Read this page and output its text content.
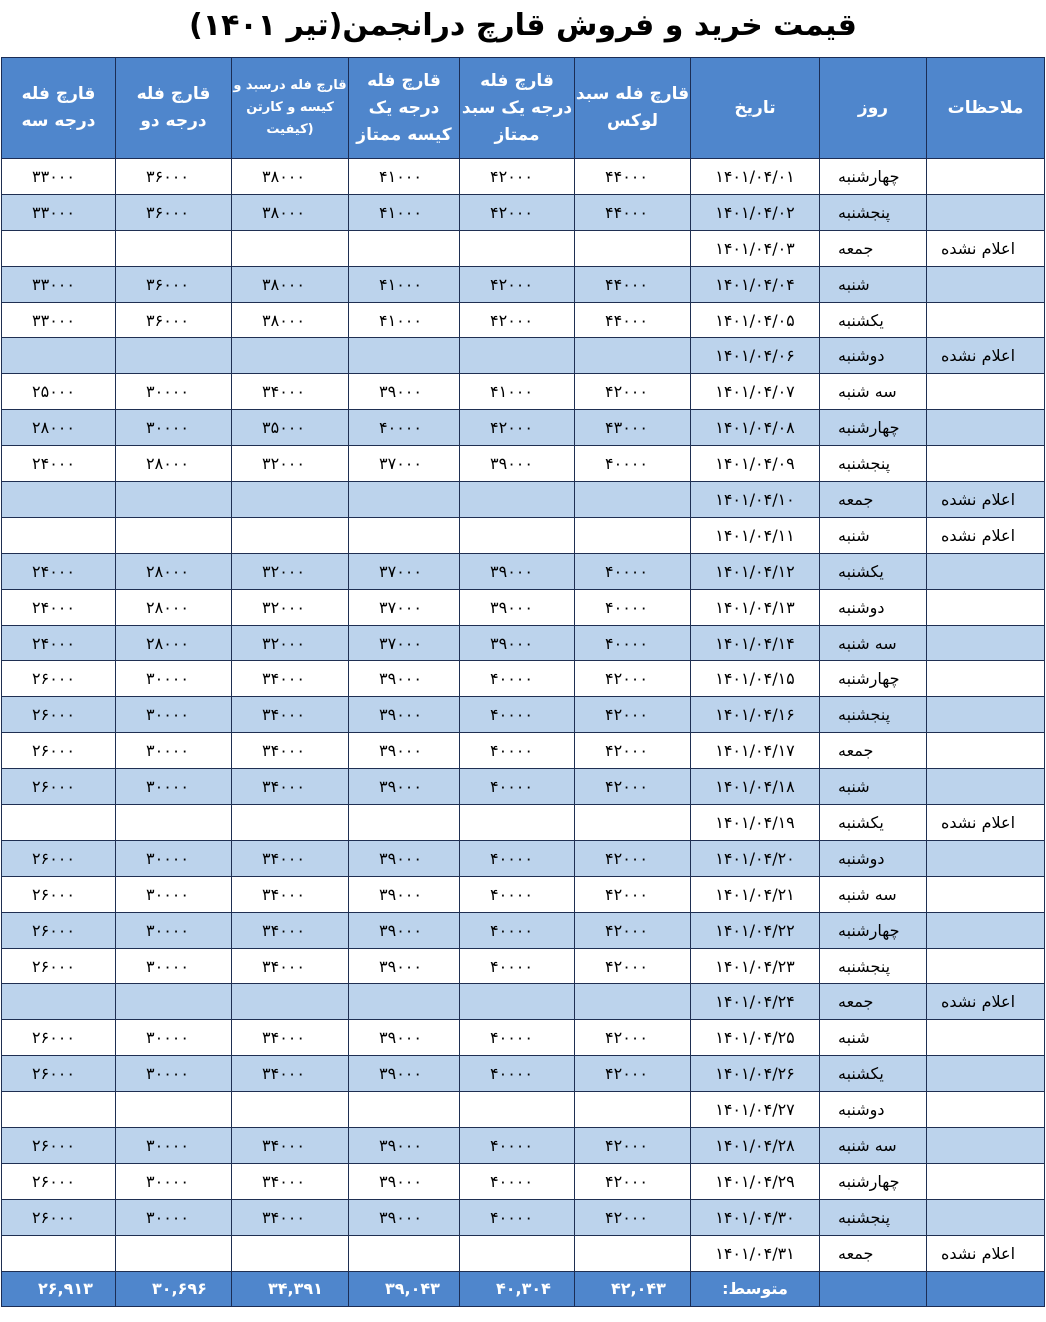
قیمت خرید و فروش قارچ درانجمن(تیر ۱۴۰۱)
ملاحظات	روز	تاریخ	قارچ فله سبد لوکس	قارچ فله درجه یک سبد ممتاز	قارچ فله درجه یک کیسه ممتاز	قارچ فله درسبد و کیسه و کارتن (کیفیت	قارچ فله درجه دو	قارچ فله درجه سه
	چهارشنبه	۱۴۰۱/۰۴/۰۱	۴۴۰۰۰	۴۲۰۰۰	۴۱۰۰۰	۳۸۰۰۰	۳۶۰۰۰	۳۳۰۰۰
	پنجشنبه	۱۴۰۱/۰۴/۰۲	۴۴۰۰۰	۴۲۰۰۰	۴۱۰۰۰	۳۸۰۰۰	۳۶۰۰۰	۳۳۰۰۰
اعلام نشده	جمعه	۱۴۰۱/۰۴/۰۳						
	شنبه	۱۴۰۱/۰۴/۰۴	۴۴۰۰۰	۴۲۰۰۰	۴۱۰۰۰	۳۸۰۰۰	۳۶۰۰۰	۳۳۰۰۰
	یکشنبه	۱۴۰۱/۰۴/۰۵	۴۴۰۰۰	۴۲۰۰۰	۴۱۰۰۰	۳۸۰۰۰	۳۶۰۰۰	۳۳۰۰۰
اعلام نشده	دوشنبه	۱۴۰۱/۰۴/۰۶						
	سه شنبه	۱۴۰۱/۰۴/۰۷	۴۲۰۰۰	۴۱۰۰۰	۳۹۰۰۰	۳۴۰۰۰	۳۰۰۰۰	۲۵۰۰۰
	چهارشنبه	۱۴۰۱/۰۴/۰۸	۴۳۰۰۰	۴۲۰۰۰	۴۰۰۰۰	۳۵۰۰۰	۳۰۰۰۰	۲۸۰۰۰
	پنجشنبه	۱۴۰۱/۰۴/۰۹	۴۰۰۰۰	۳۹۰۰۰	۳۷۰۰۰	۳۲۰۰۰	۲۸۰۰۰	۲۴۰۰۰
اعلام نشده	جمعه	۱۴۰۱/۰۴/۱۰						
اعلام نشده	شنبه	۱۴۰۱/۰۴/۱۱						
	یکشنبه	۱۴۰۱/۰۴/۱۲	۴۰۰۰۰	۳۹۰۰۰	۳۷۰۰۰	۳۲۰۰۰	۲۸۰۰۰	۲۴۰۰۰
	دوشنبه	۱۴۰۱/۰۴/۱۳	۴۰۰۰۰	۳۹۰۰۰	۳۷۰۰۰	۳۲۰۰۰	۲۸۰۰۰	۲۴۰۰۰
	سه شنبه	۱۴۰۱/۰۴/۱۴	۴۰۰۰۰	۳۹۰۰۰	۳۷۰۰۰	۳۲۰۰۰	۲۸۰۰۰	۲۴۰۰۰
	چهارشنبه	۱۴۰۱/۰۴/۱۵	۴۲۰۰۰	۴۰۰۰۰	۳۹۰۰۰	۳۴۰۰۰	۳۰۰۰۰	۲۶۰۰۰
	پنجشنبه	۱۴۰۱/۰۴/۱۶	۴۲۰۰۰	۴۰۰۰۰	۳۹۰۰۰	۳۴۰۰۰	۳۰۰۰۰	۲۶۰۰۰
	جمعه	۱۴۰۱/۰۴/۱۷	۴۲۰۰۰	۴۰۰۰۰	۳۹۰۰۰	۳۴۰۰۰	۳۰۰۰۰	۲۶۰۰۰
	شنبه	۱۴۰۱/۰۴/۱۸	۴۲۰۰۰	۴۰۰۰۰	۳۹۰۰۰	۳۴۰۰۰	۳۰۰۰۰	۲۶۰۰۰
اعلام نشده	یکشنبه	۱۴۰۱/۰۴/۱۹						
	دوشنبه	۱۴۰۱/۰۴/۲۰	۴۲۰۰۰	۴۰۰۰۰	۳۹۰۰۰	۳۴۰۰۰	۳۰۰۰۰	۲۶۰۰۰
	سه شنبه	۱۴۰۱/۰۴/۲۱	۴۲۰۰۰	۴۰۰۰۰	۳۹۰۰۰	۳۴۰۰۰	۳۰۰۰۰	۲۶۰۰۰
	چهارشنبه	۱۴۰۱/۰۴/۲۲	۴۲۰۰۰	۴۰۰۰۰	۳۹۰۰۰	۳۴۰۰۰	۳۰۰۰۰	۲۶۰۰۰
	پنجشنبه	۱۴۰۱/۰۴/۲۳	۴۲۰۰۰	۴۰۰۰۰	۳۹۰۰۰	۳۴۰۰۰	۳۰۰۰۰	۲۶۰۰۰
اعلام نشده	جمعه	۱۴۰۱/۰۴/۲۴						
	شنبه	۱۴۰۱/۰۴/۲۵	۴۲۰۰۰	۴۰۰۰۰	۳۹۰۰۰	۳۴۰۰۰	۳۰۰۰۰	۲۶۰۰۰
	یکشنبه	۱۴۰۱/۰۴/۲۶	۴۲۰۰۰	۴۰۰۰۰	۳۹۰۰۰	۳۴۰۰۰	۳۰۰۰۰	۲۶۰۰۰
	دوشنبه	۱۴۰۱/۰۴/۲۷						
	سه شنبه	۱۴۰۱/۰۴/۲۸	۴۲۰۰۰	۴۰۰۰۰	۳۹۰۰۰	۳۴۰۰۰	۳۰۰۰۰	۲۶۰۰۰
	چهارشنبه	۱۴۰۱/۰۴/۲۹	۴۲۰۰۰	۴۰۰۰۰	۳۹۰۰۰	۳۴۰۰۰	۳۰۰۰۰	۲۶۰۰۰
	پنجشنبه	۱۴۰۱/۰۴/۳۰	۴۲۰۰۰	۴۰۰۰۰	۳۹۰۰۰	۳۴۰۰۰	۳۰۰۰۰	۲۶۰۰۰
اعلام نشده	جمعه	۱۴۰۱/۰۴/۳۱						
		متوسط:	۴۲,۰۴۳	۴۰,۳۰۴	۳۹,۰۴۳	۳۴,۳۹۱	۳۰,۶۹۶	۲۶,۹۱۳
